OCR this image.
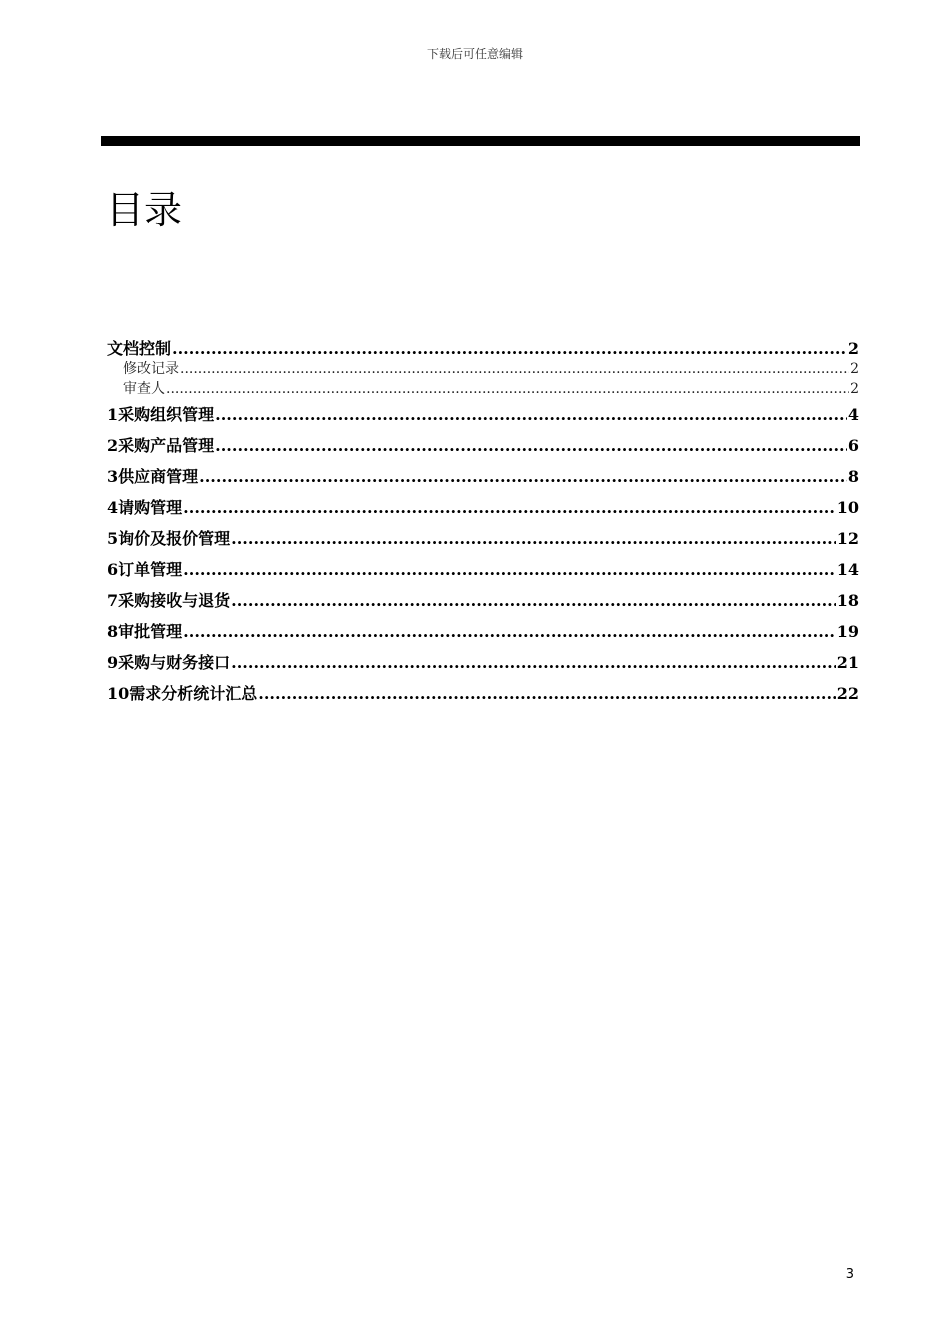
下载后可任意编辑
目录
文档控制 .....	2
修改记录 .....	2
审查人 .....	2
1 采购组织管理 .....	4
2 采购产品管理 .....	6
3 供应商管理 .....	8
4 请购管理 .....	10
5 询价及报价管理 .....	12
6 订单管理 .....	14
7 采购接收与退货 .....	18
8 审批管理 .....	19
9 采购与财务接口 .....	21
10 需求分析统计汇总 .....	22
3
